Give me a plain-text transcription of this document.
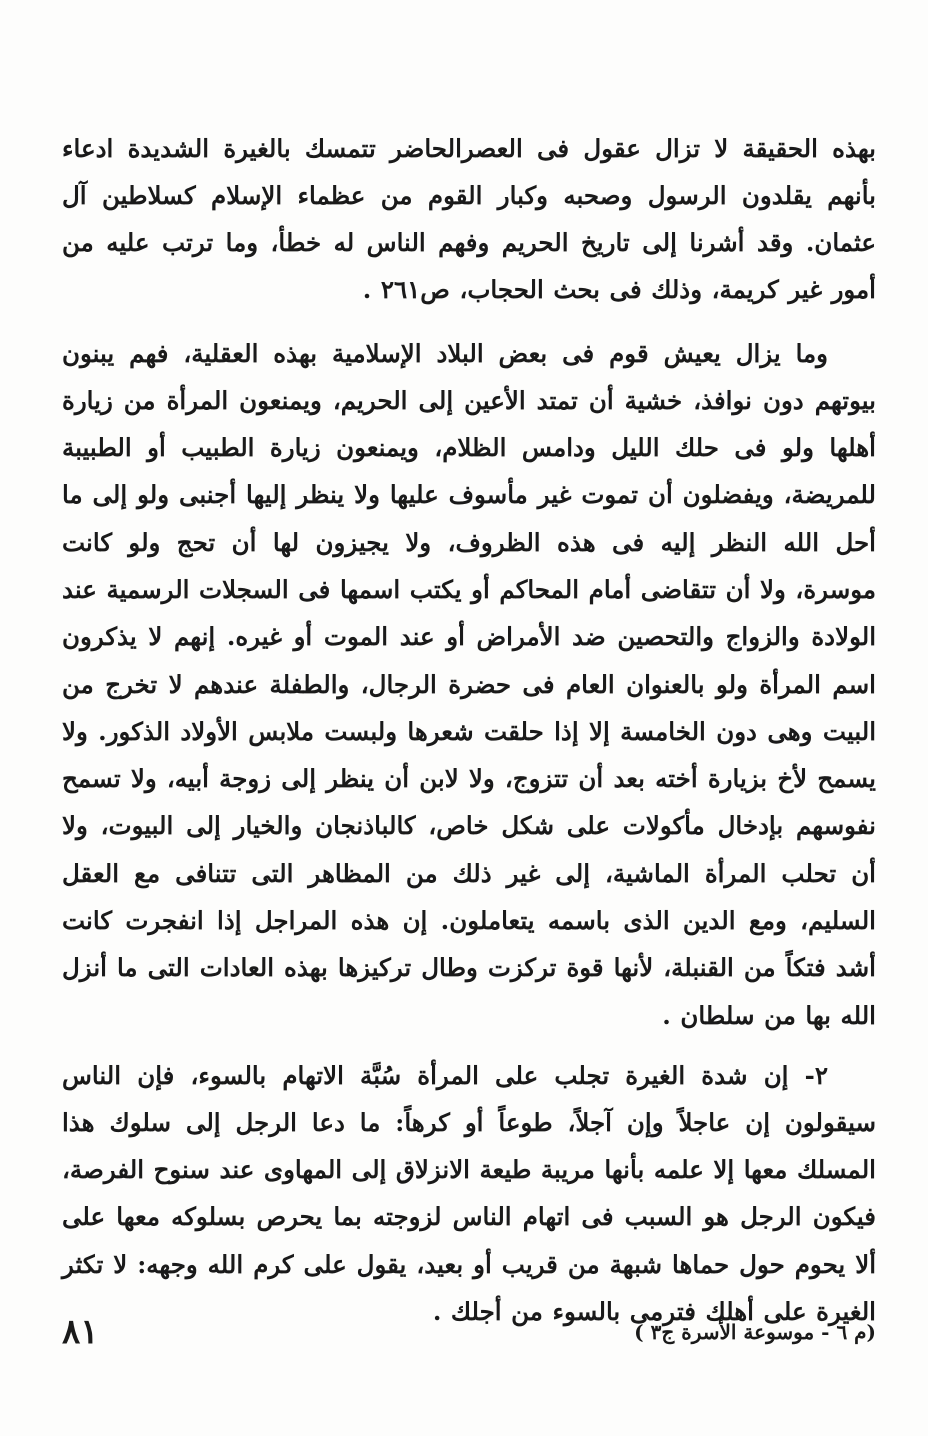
بهذه الحقيقة لا تزال عقول فى العصرالحاضر تتمسك بالغيرة الشديدة ادعاء بأنهم يقلدون الرسول وصحبه وكبار القوم من عظماء الإسلام كسلاطين آل عثمان. وقد أشرنا إلى تاريخ الحريم وفهم الناس له خطأ، وما ترتب عليه من أمور غير كريمة، وذلك فى بحث الحجاب، ص٢٦١ .

وما يزال يعيش قوم فى بعض البلاد الإسلامية بهذه العقلية، فهم يبنون بيوتهم دون نوافذ، خشية أن تمتد الأعين إلى الحريم، ويمنعون المرأة من زيارة أهلها ولو فى حلك الليل ودامس الظلام، ويمنعون زيارة الطبيب أو الطبيبة للمريضة، ويفضلون أن تموت غير مأسوف عليها ولا ينظر إليها أجنبى ولو إلى ما أحل الله النظر إليه فى هذه الظروف، ولا يجيزون لها أن تحج ولو كانت موسرة، ولا أن تتقاضى أمام المحاكم أو يكتب اسمها فى السجلات الرسمية عند الولادة والزواج والتحصين ضد الأمراض أو عند الموت أو غيره. إنهم لا يذكرون اسم المرأة ولو بالعنوان العام فى حضرة الرجال، والطفلة عندهم لا تخرج من البيت وهى دون الخامسة إلا إذا حلقت شعرها ولبست ملابس الأولاد الذكور. ولا يسمح لأخ بزيارة أخته بعد أن تتزوج، ولا لابن أن ينظر إلى زوجة أبيه، ولا تسمح نفوسهم بإدخال مأكولات على شكل خاص، كالباذنجان والخيار إلى البيوت، ولا أن تحلب المرأة الماشية، إلى غير ذلك من المظاهر التى تتنافى مع العقل السليم، ومع الدين الذى باسمه يتعاملون. إن هذه المراجل إذا انفجرت كانت أشد فتكاً من القنبلة، لأنها قوة تركزت وطال تركيزها بهذه العادات التى ما أنزل الله بها من سلطان .

٢- إن شدة الغيرة تجلب على المرأة سُبَّة الاتهام بالسوء، فإن الناس سيقولون إن عاجلاً وإن آجلاً، طوعاً أو كرهاً: ما دعا الرجل إلى سلوك هذا المسلك معها إلا علمه بأنها مريبة طيعة الانزلاق إلى المهاوى عند سنوح الفرصة، فيكون الرجل هو السبب فى اتهام الناس لزوجته بما يحرص بسلوكه معها على ألا يحوم حول حماها شبهة من قريب أو بعيد، يقول على كرم الله وجهه: لا تكثر الغيرة على أهلك فترمى بالسوء من أجلك .

(م ٦ - موسوعة الأسرة ج٣ )
٨١
